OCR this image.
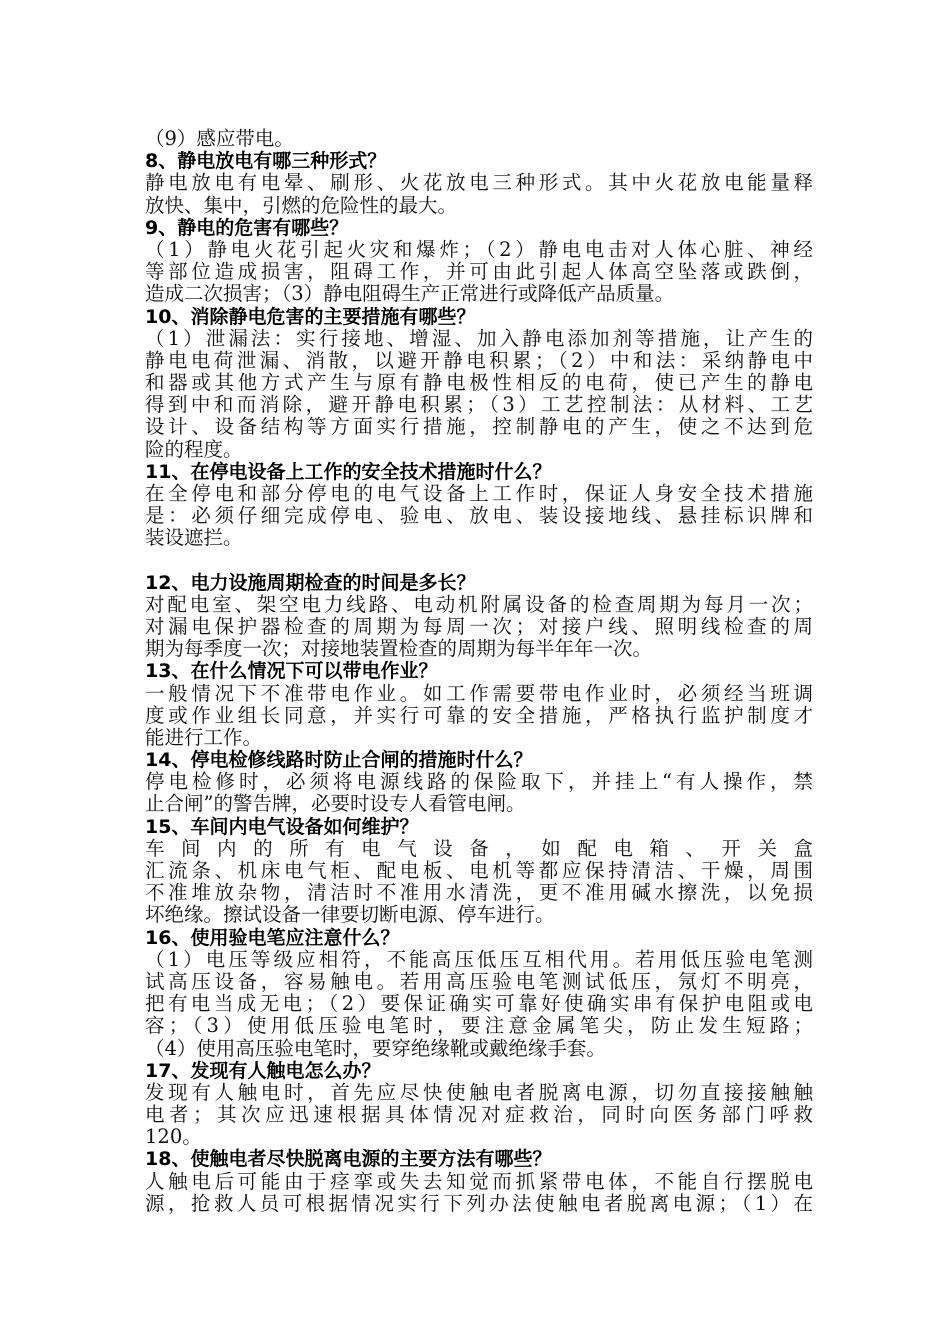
（9）感应带电。
8、静电放电有哪三种形式？
静电放电有电晕、刷形、火花放电三种形式。其中火花放电能量释
放快、集中，引燃的危险性的最大。
9、静电的危害有哪些？
（1）静电火花引起火灾和爆炸；（2）静电电击对人体心脏、神经
等部位造成损害，阻碍工作，并可由此引起人体高空坠落或跌倒，
造成二次损害；（3）静电阻碍生产正常进行或降低产品质量。
10、消除静电危害的主要措施有哪些？
（1）泄漏法：实行接地、增湿、加入静电添加剂等措施，让产生的
静电电荷泄漏、消散，以避开静电积累；（2）中和法：采纳静电中
和器或其他方式产生与原有静电极性相反的电荷，使已产生的静电
得到中和而消除，避开静电积累；（3）工艺控制法：从材料、工艺
设计、设备结构等方面实行措施，控制静电的产生，使之不达到危
险的程度。
11、在停电设备上工作的安全技术措施时什么？
在全停电和部分停电的电气设备上工作时，保证人身安全技术措施
是：必须仔细完成停电、验电、放电、装设接地线、悬挂标识牌和
装设遮拦。
12、电力设施周期检查的时间是多长？
对配电室、架空电力线路、电动机附属设备的检查周期为每月一次；
对漏电保护器检查的周期为每周一次；对接户线、照明线检查的周
期为每季度一次；对接地装置检查的周期为每半年年一次。
13、在什么情况下可以带电作业？
一般情况下不准带电作业。如工作需要带电作业时，必须经当班调
度或作业组长同意，并实行可靠的安全措施，严格执行监护制度才
能进行工作。
14、停电检修线路时防止合闸的措施时什么？
停电检修时，必须将电源线路的保险取下，并挂上“有人操作，禁
止合闸”的警告牌，必要时设专人看管电闸。
15、车间内电气设备如何维护？
车间内的所有电气设备，如配电箱、开关盒
汇流条、机床电气柜、配电板、电机等都应保持清洁、干燥，周围
不准堆放杂物，清洁时不准用水清洗，更不准用碱水擦洗，以免损
坏绝缘。擦试设备一律要切断电源、停车进行。
16、使用验电笔应注意什么？
（1）电压等级应相符，不能高压低压互相代用。若用低压验电笔测
试高压设备，容易触电。若用高压验电笔测试低压，氖灯不明亮，
把有电当成无电；（2）要保证确实可靠好使确实串有保护电阻或电
容；（3）使用低压验电笔时，要注意金属笔尖，防止发生短路；
（4）使用高压验电笔时，要穿绝缘靴或戴绝缘手套。
17、发现有人触电怎么办？
发现有人触电时，首先应尽快使触电者脱离电源，切勿直接接触触
电者；其次应迅速根据具体情况对症救治，同时向医务部门呼救
120。
18、使触电者尽快脱离电源的主要方法有哪些？
人触电后可能由于痉挛或失去知觉而抓紧带电体，不能自行摆脱电
源，抢救人员可根据情况实行下列办法使触电者脱离电源；（1）在
